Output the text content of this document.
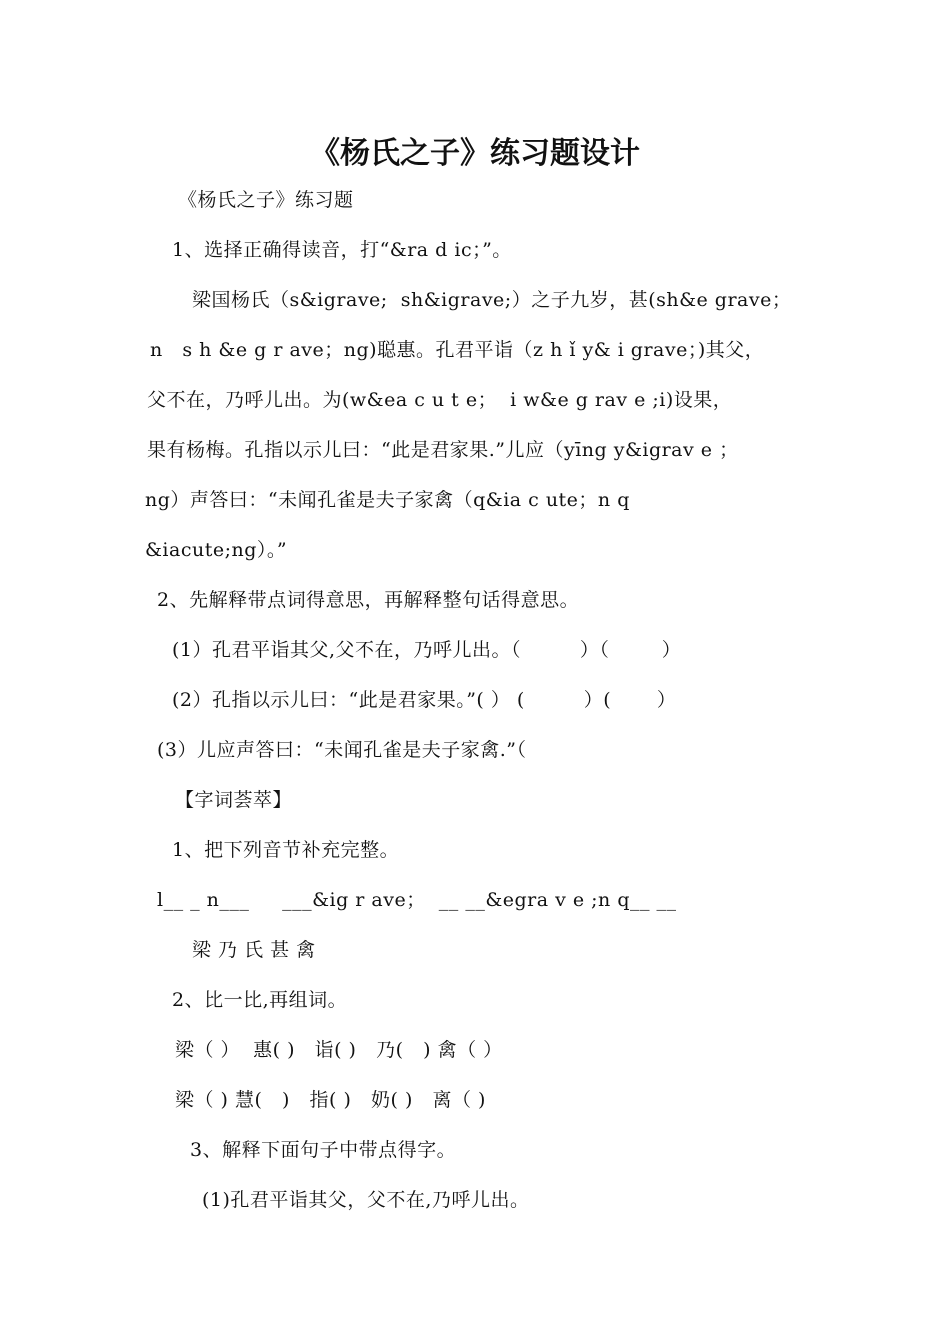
《杨氏之子》练习题设计
《杨氏之子》练习题
1、选择正确得读音，打“&ra d ic；”。
梁国杨氏（s&igrave;  sh&igrave;）之子九岁，甚(sh&e grave；
n   s h &e g r ave；ng)聪惠。孔君平诣（z h ǐ y& i grave；)其父，
父不在，乃呼儿出。为(w&ea c u t e；  i w&e g rav e ;i)设果，
果有杨梅。孔指以示儿曰：“此是君家果.”儿应（yīng y&igrav e ；
ng）声答曰：“未闻孔雀是夫子家禽（q&ia c ute；n q
&iacute;ng）。”
2、先解释带点词得意思，再解释整句话得意思。
(1）孔君平诣其父,父不在，乃呼儿出。（         ）（        ）
(2）孔指以示儿曰：“此是君家果。”( ） (         ）(       ）
(3）儿应声答曰：“未闻孔雀是夫子家禽.”（
【字词荟萃】
1、把下列音节补充完整。
l__ _ n___     ___&ig r ave；  __ __&egra v e ;n q__ __
梁 乃 氏 甚 禽
2、比一比,再组词。
梁（ ）  惠( )   诣( )   乃(   ) 禽（ ）
梁（ ) 慧(   )   指( )   奶( )   离（ )
3、解释下面句子中带点得字。
(1)孔君平诣其父，父不在,乃呼儿出。
